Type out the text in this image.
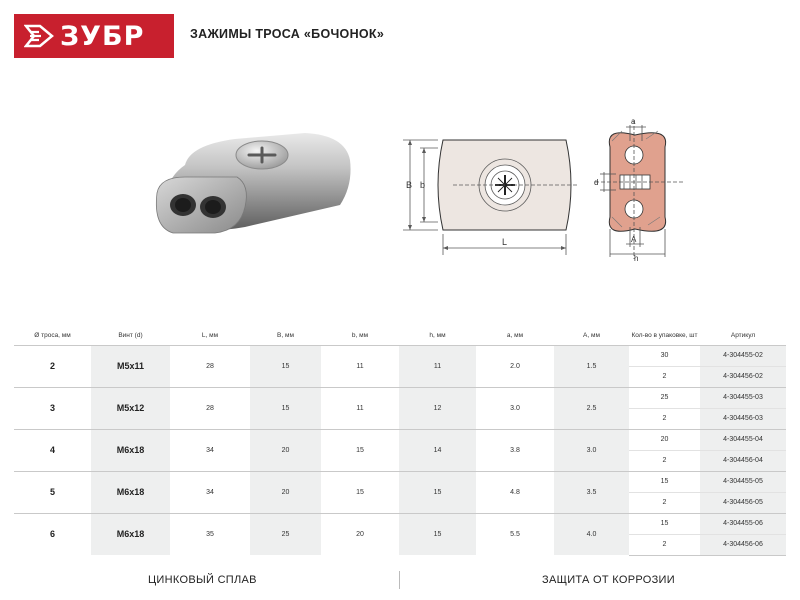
ЗУБР	ЗАЖИМЫ ТРОСА «БОЧОНОК»
B b
L
a
d
A
h
Ø троса, мм	Винт (d)	L, мм	B, мм	b, мм	h, мм	a, мм	A, мм	Кол-во в упаковке, шт	Артикул
2	M5x11	28	15	11	11	2.0	1.5	30	4-304455-02
								2	4-304456-02
3	M5x12	28	15	11	12	3.0	2.5	25	4-304455-03
								2	4-304456-03
4	M6x18	34	20	15	14	3.8	3.0	20	4-304455-04
								2	4-304456-04
5	M6x18	34	20	15	15	4.8	3.5	15	4-304455-05
								2	4-304456-05
6	M6x18	35	25	20	15	5.5	4.0	15	4-304455-06
								2	4-304456-06
ЦИНКОВЫЙ СПЛАВ	ЗАЩИТА ОТ КОРРОЗИИ
